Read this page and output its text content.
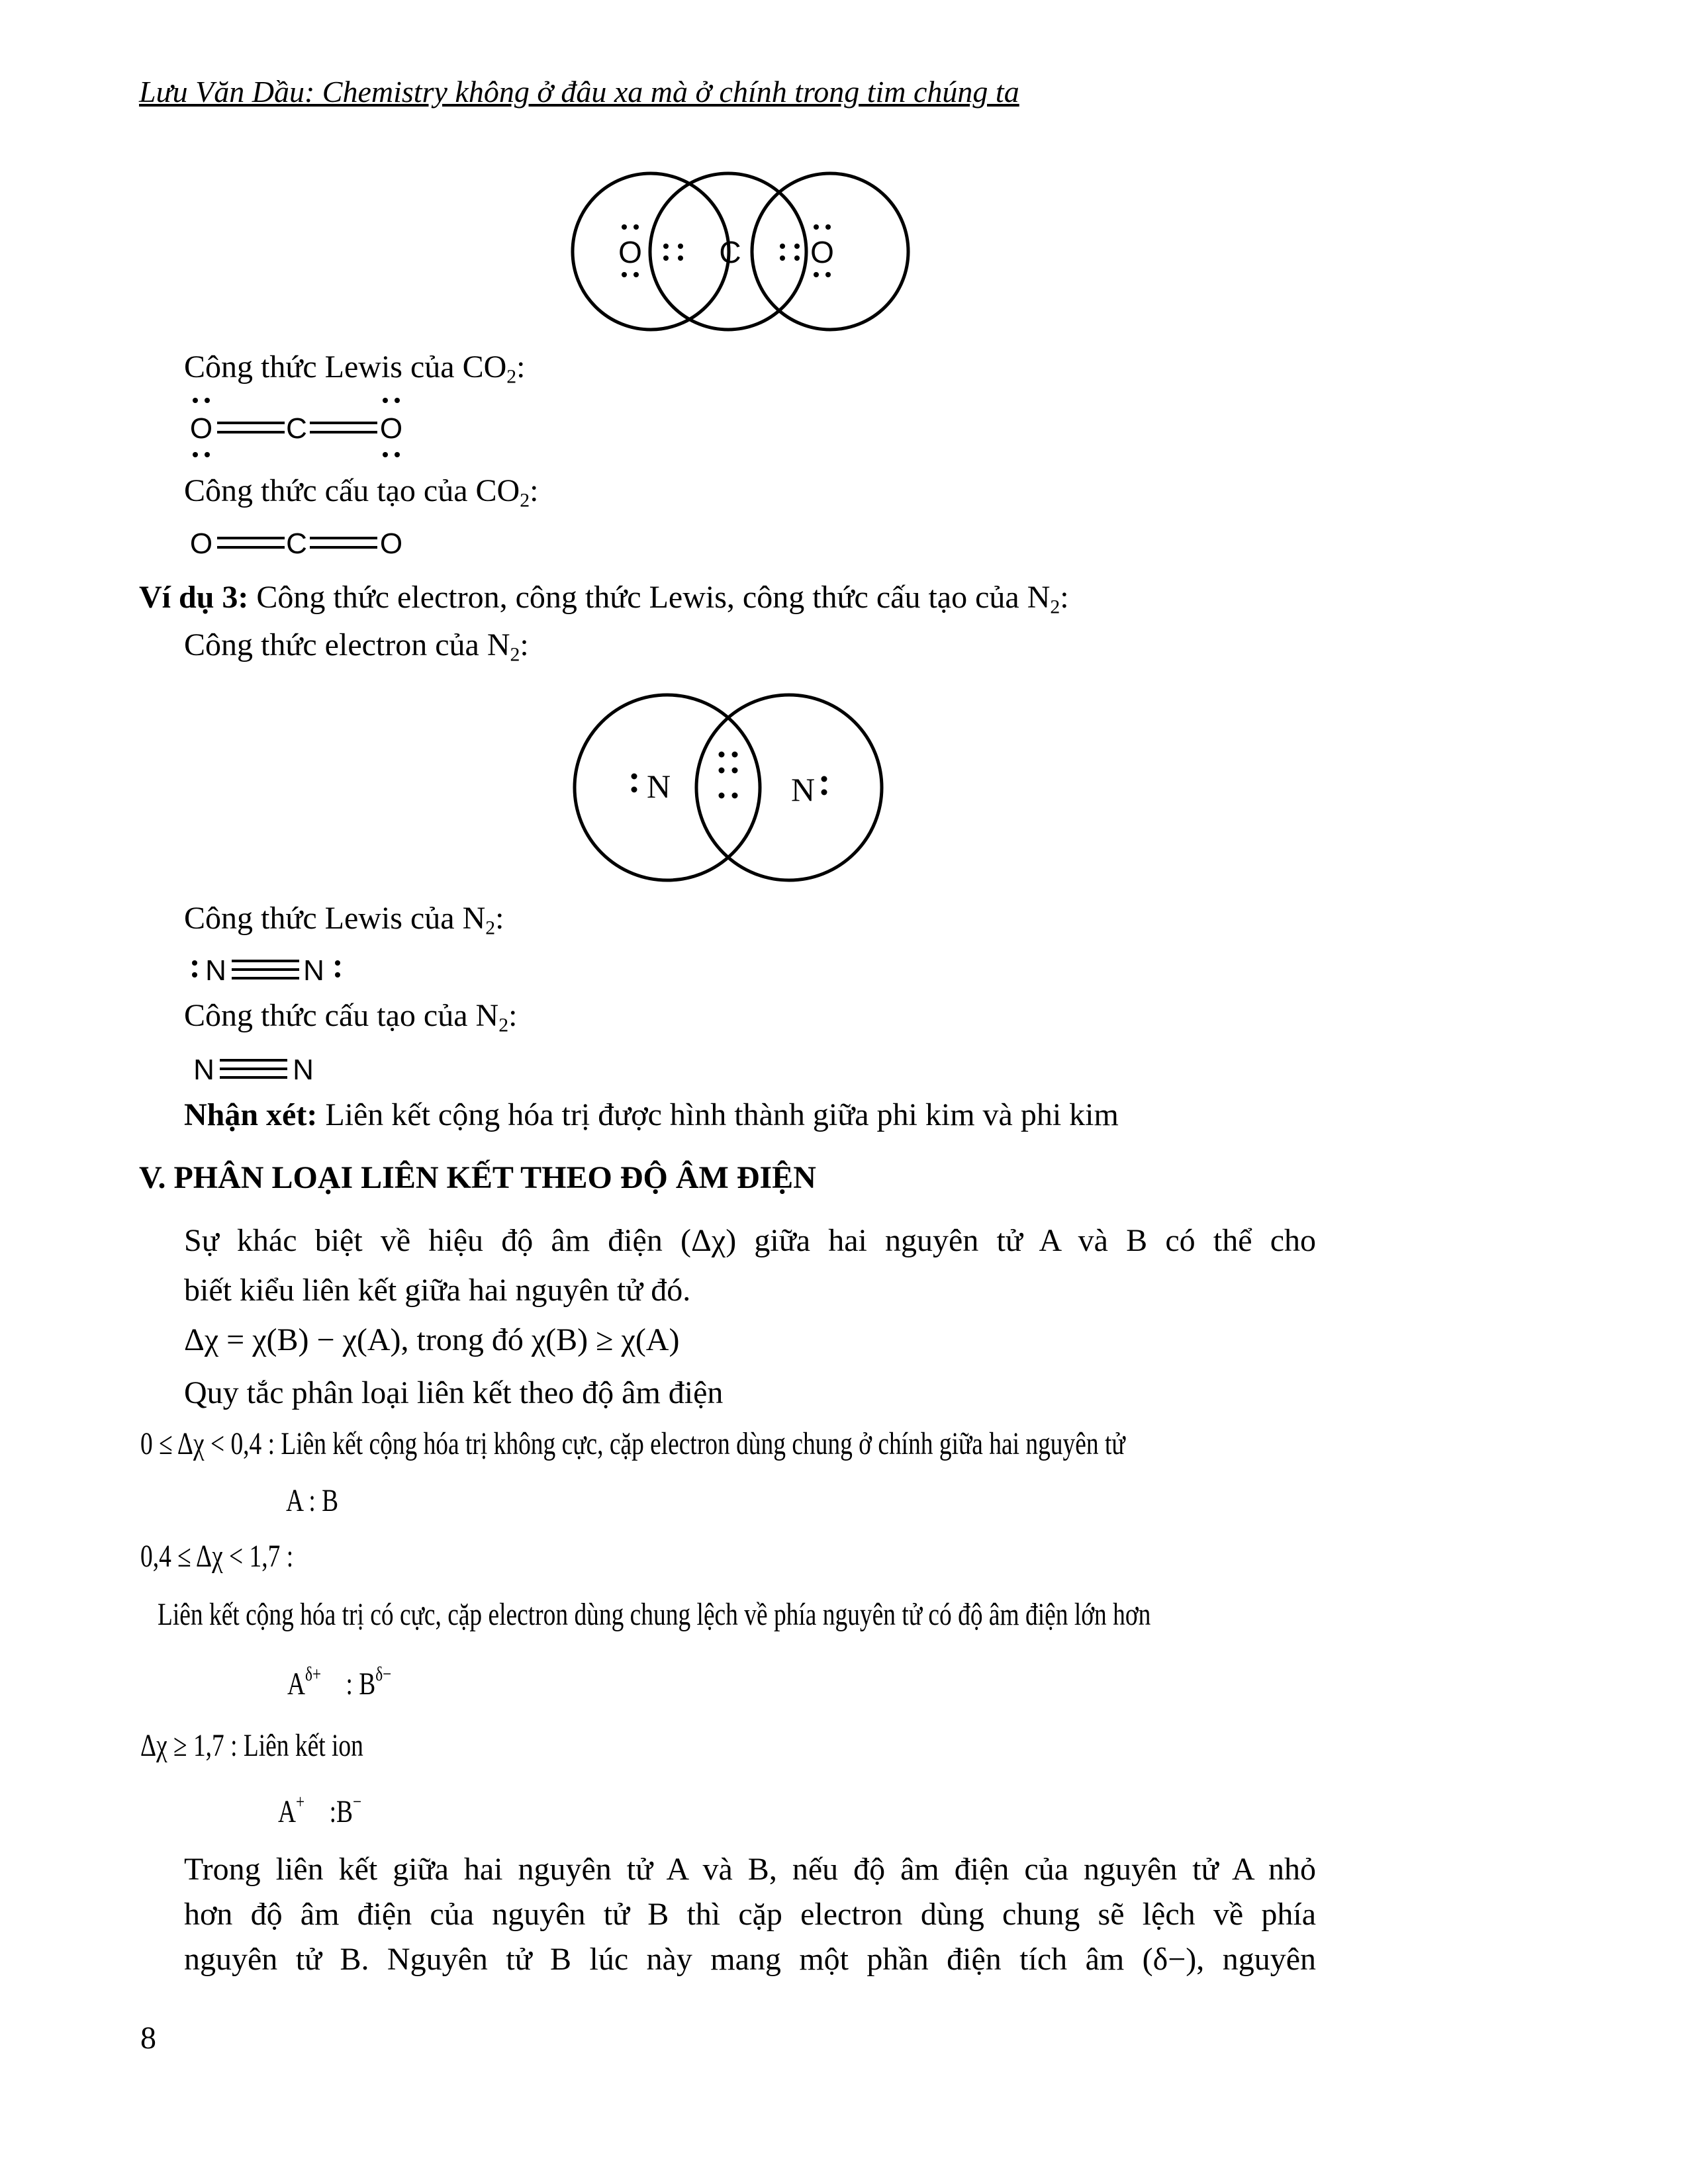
Lưu Văn Dầu: Chemistry không ở đâu xa mà ở chính trong tim chúng ta
O	C O
Công thức Lewis của $CO_2$:
O	C O
Công thức cấu tạo của $CO_2$:
O	C O
Ví dụ 3: Công thức electron, công thức Lewis, công thức cấu tạo của $N_2$:
Công thức electron của $N_2$:
N	N
Công thức Lewis của $N_2$:
N	N
Công thức cấu tạo của $N_2$:
N	N
Nhận xét: Liên kết cộng hóa trị được hình thành giữa phi kim và phi kim
V. PHÂN LOẠI LIÊN KẾT THEO ĐỘ ÂM ĐIỆN
Sự khác biệt về hiệu độ âm điện (Δχ) giữa hai nguyên tử A và B có thể cho
biết kiểu liên kết giữa hai nguyên tử đó.
Δχ = χ(B) − χ(A), trong đó χ(B) ≥ χ(A)
Quy tắc phân loại liên kết theo độ âm điện
0 ≤ Δχ < 0,4 : Liên kết cộng hóa trị không cực, cặp electron dùng chung ở chính giữa hai nguyên tử
A : B
0,4 ≤ Δχ < 1,7 :
Liên kết cộng hóa trị có cực, cặp electron dùng chung lệch về phía nguyên tử có độ âm điện lớn hơn
$A^{\delta+}$ : $B^{\delta-}$
Δχ ≥ 1,7 : Liên kết ion
A+ :B−
Trong liên kết giữa hai nguyên tử A và B, nếu độ âm điện của nguyên tử A nhỏ
hơn độ âm điện của nguyên tử B thì cặp electron dùng chung sẽ lệch về phía
nguyên tử B. Nguyên tử B lúc này mang một phần điện tích âm (δ−), nguyên
8
